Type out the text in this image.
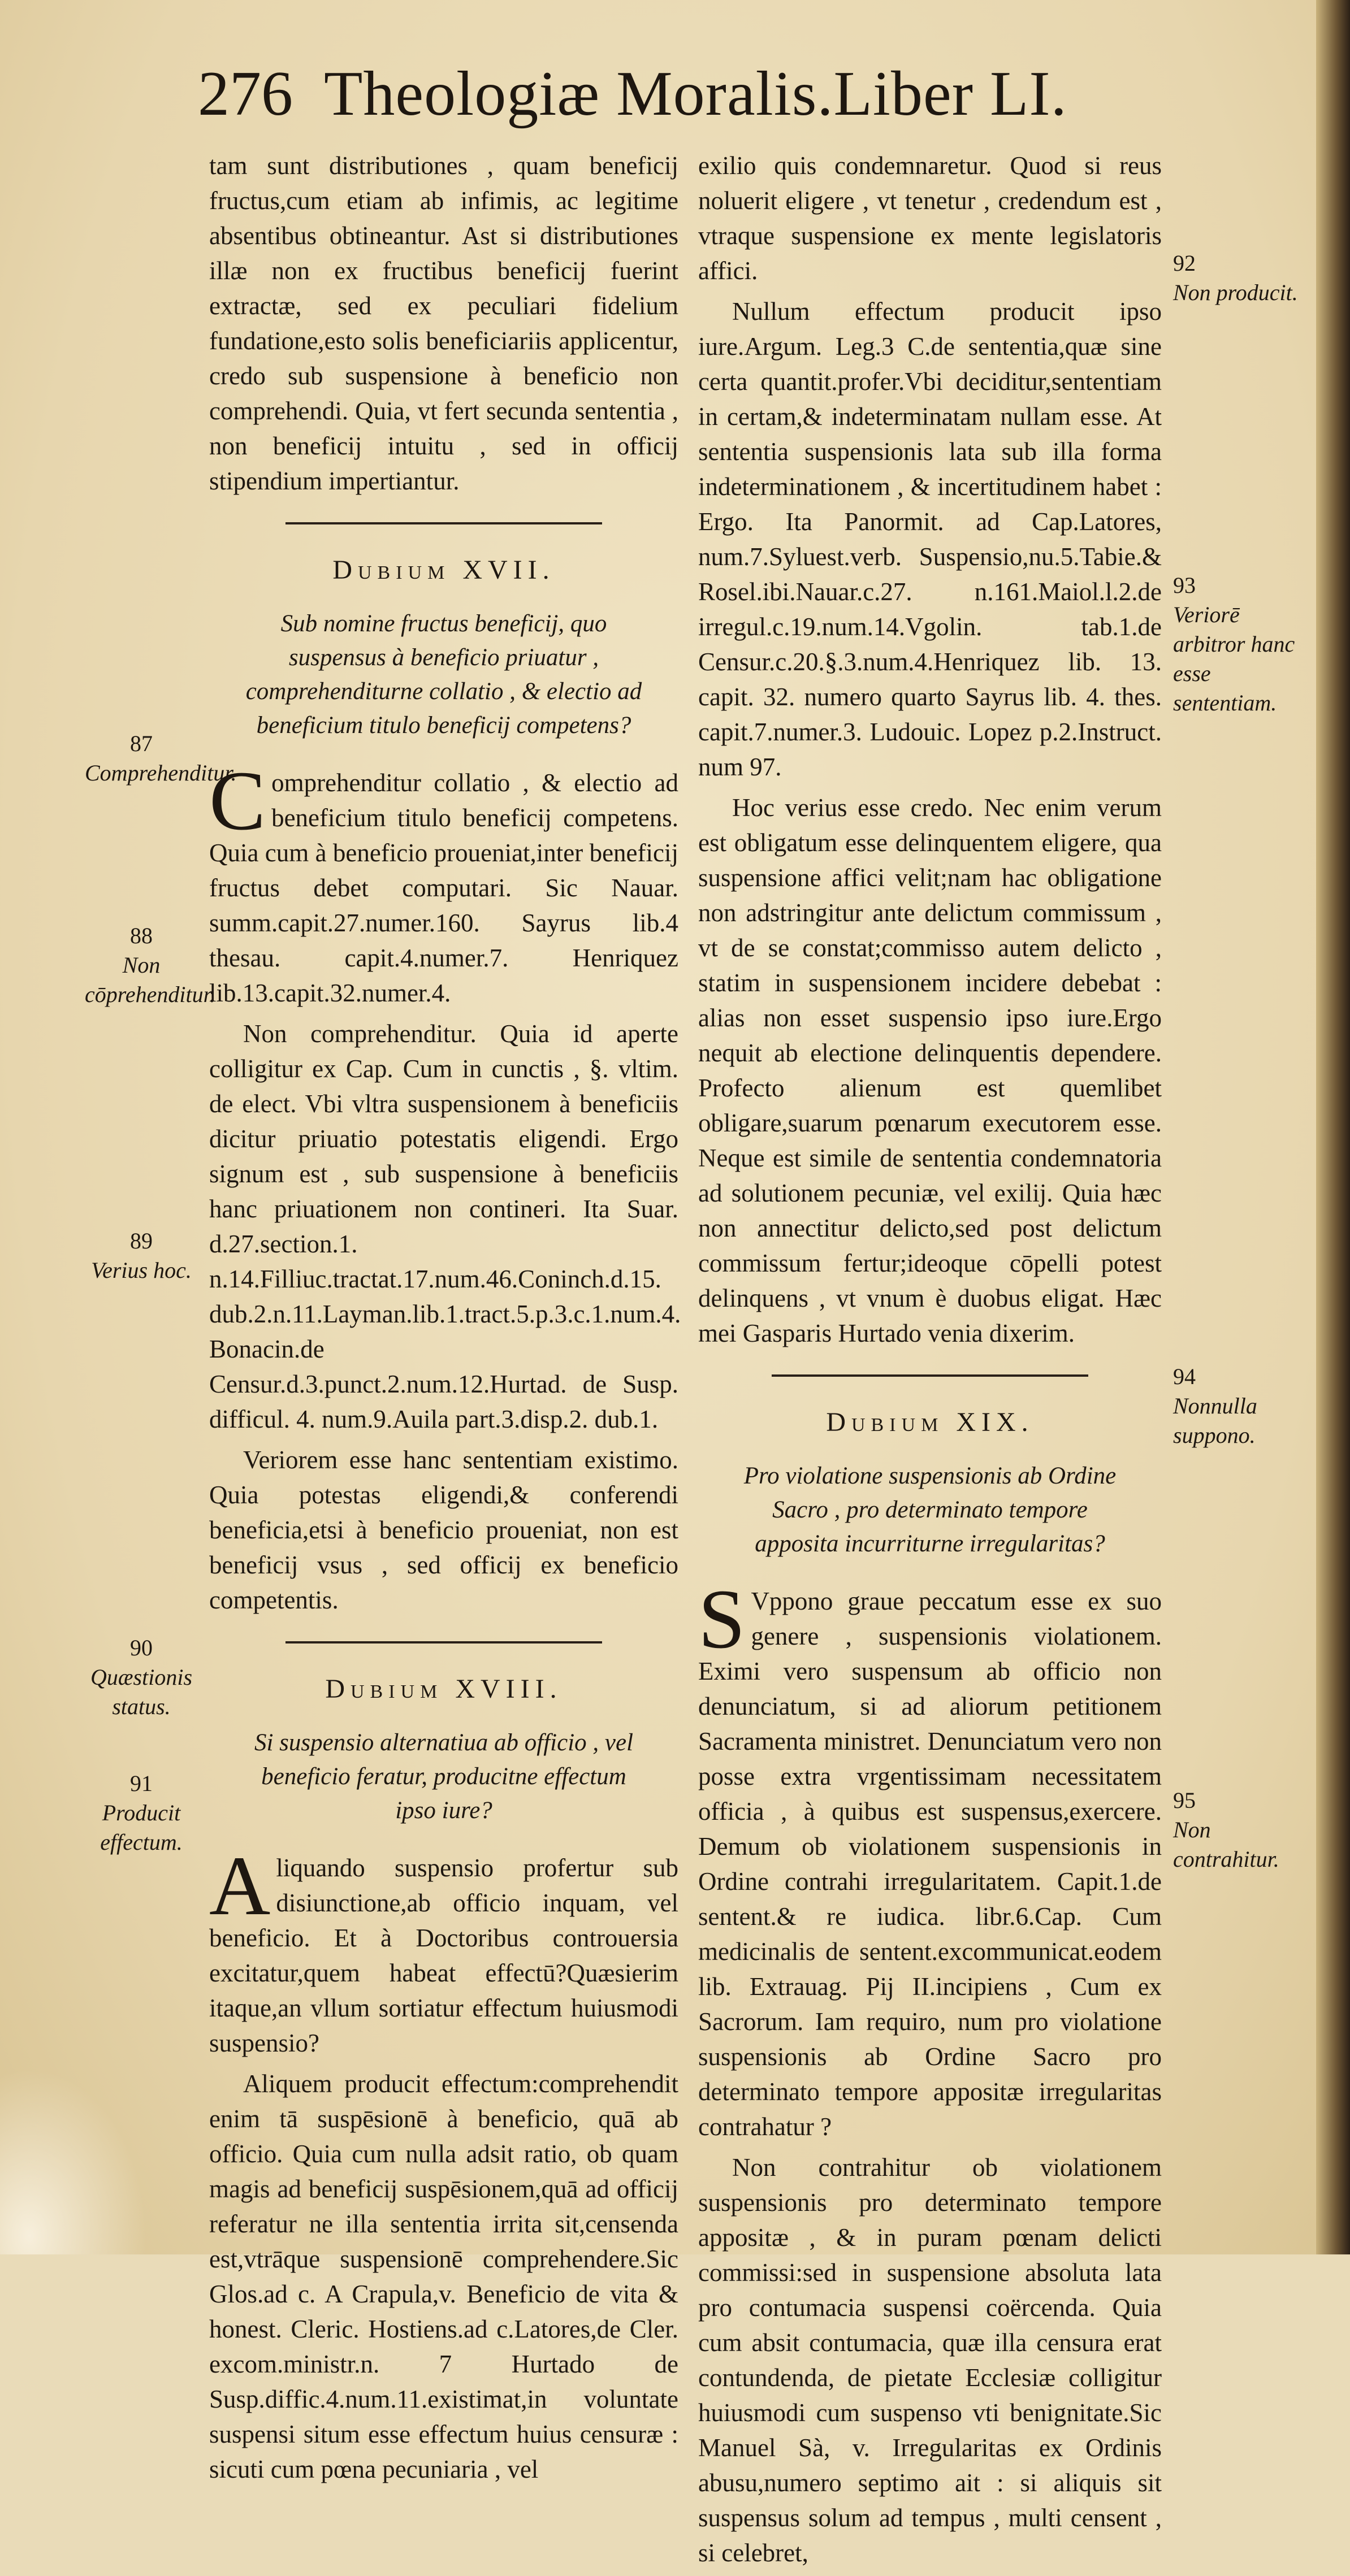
276 Theologiæ Moralis.Liber LI.

tam sunt distributiones , quam beneficij fructus,cum etiam ab infimis, ac legitime absentibus obtineantur. Ast si distributiones illæ non ex fructibus beneficij fuerint extractæ, sed ex peculiari fidelium fundatione,esto solis beneficiariis applicentur, credo sub suspensione à beneficio non comprehendi. Quia, vt fert secunda sententia , non beneficij intuitu , sed in officij stipendium impertiantur.

Dubium XVII.
Sub nomine fructus beneficij, quo suspensus à beneficio priuatur , comprehenditurne collatio , & electio ad beneficium titulo beneficij competens?

Comprehenditur collatio , & electio ad beneficium titulo beneficij competens. Quia cum à beneficio proueniat,inter beneficij fructus debet computari. Sic Nauar. summ.capit.27.numer.160. Sayrus lib.4 thesau. capit.4.numer.7. Henriquez lib.13.capit.32.numer.4.

Non comprehenditur. Quia id aperte colligitur ex Cap. Cum in cunctis , §. vltim. de elect. Vbi vltra suspensionem à beneficiis dicitur priuatio potestatis eligendi. Ergo signum est , sub suspensione à beneficiis hanc priuationem non contineri. Ita Suar. d.27.section.1. n.14.Filliuc.tractat.17.num.46.Coninch.d.15. dub.2.n.11.Layman.lib.1.tract.5.p.3.c.1.num.4. Bonacin.de Censur.d.3.punct.2.num.12.Hurtad. de Susp. difficul. 4. num.9.Auila part.3.disp.2. dub.1.

Veriorem esse hanc sententiam existimo. Quia potestas eligendi,& conferendi beneficia,etsi à beneficio proueniat, non est beneficij vsus , sed officij ex beneficio competentis.

Dubium XVIII.
Si suspensio alternatiua ab officio , vel beneficio feratur, producitne effectum ipso iure?

Aliquando suspensio profertur sub disiunctione,ab officio inquam, vel beneficio. Et à Doctoribus controuersia excitatur,quem habeat effectū?Quæsierim itaque,an vllum sortiatur effectum huiusmodi suspensio?

Aliquem producit effectum:comprehendit enim tā suspēsionē à beneficio, quā ab officio. Quia cum nulla adsit ratio, ob quam magis ad beneficij suspēsionem,quā ad officij referatur ne illa sententia irrita sit,censenda est,vtrāque suspensionē comprehendere.Sic Glos.ad c. A Crapula,v. Beneficio de vita & honest. Cleric. Hostiens.ad c.Latores,de Cler. excom.ministr.n. 7 Hurtado de Susp.diffic.4.num.11.existimat,in voluntate suspensi situm esse effectum huius censuræ : sicuti cum pœna pecuniaria , vel

exilio quis condemnaretur. Quod si reus noluerit eligere , vt tenetur , credendum est , vtraque suspensione ex mente legislatoris affici.

Nullum effectum producit ipso iure.Argum. Leg.3 C.de sententia,quæ sine certa quantit.profer.Vbi deciditur,sententiam in certam,& indeterminatam nullam esse. At sententia suspensionis lata sub illa forma indeterminationem , & incertitudinem habet : Ergo. Ita Panormit. ad Cap.Latores, num.7.Syluest.verb. Suspensio,nu.5.Tabie.& Rosel.ibi.Nauar.c.27. n.161.Maiol.l.2.de irregul.c.19.num.14.Vgolin. tab.1.de Censur.c.20.§.3.num.4.Henriquez lib. 13. capit. 32. numero quarto Sayrus lib. 4. thes. capit.7.numer.3. Ludouic. Lopez p.2.Instruct. num 97.

Hoc verius esse credo. Nec enim verum est obligatum esse delinquentem eligere, qua suspensione affici velit;nam hac obligatione non adstringitur ante delictum commissum , vt de se constat;commisso autem delicto , statim in suspensionem incidere debebat : alias non esset suspensio ipso iure.Ergo nequit ab electione delinquentis dependere. Profecto alienum est quemlibet obligare,suarum pœnarum executorem esse. Neque est simile de sententia condemnatoria ad solutionem pecuniæ, vel exilij. Quia hæc non annectitur delicto,sed post delictum commissum fertur;ideoque cōpelli potest delinquens , vt vnum è duobus eligat. Hæc mei Gasparis Hurtado venia dixerim.

Dubium XIX.
Pro violatione suspensionis ab Ordine Sacro , pro determinato tempore apposita incurriturne irregularitas?

S Vppono graue peccatum esse ex suo genere , suspensionis violationem. Eximi vero suspensum ab officio non denunciatum, si ad aliorum petitionem Sacramenta ministret. Denunciatum vero non posse extra vrgentissimam necessitatem officia , à quibus est suspensus,exercere. Demum ob violationem suspensionis in Ordine contrahi irregularitatem. Capit.1.de sentent.& re iudica. libr.6.Cap. Cum medicinalis de sentent.excommunicat.eodem lib. Extrauag. Pij II.incipiens , Cum ex Sacrorum. Iam requiro, num pro violatione suspensionis ab Ordine Sacro pro determinato tempore appositæ irregularitas contrahatur ?

Non contrahitur ob violationem suspensionis pro determinato tempore appositæ , & in puram pœnam delicti commissi:sed in suspensione absoluta lata pro contumacia suspensi coërcenda. Quia cum absit contumacia, quæ illa censura erat contundenda, de pietate Ecclesiæ colligitur huiusmodi cum suspenso vti benignitate.Sic Manuel Sà, v. Irregularitas ex Ordinis abusu,numero septimo ait : si aliquis sit suspensus solum ad tempus , multi censent , si celebret,

87
Comprehenditur.
88
Non cōprehenditur.
89
Verius hoc.
90
Quæstionis status.
91
Producit effectum.
92
Non producit.
93
Veriorē arbitror hanc esse sententiam.
94
Nonnulla suppono.
95
Non contrahitur.
